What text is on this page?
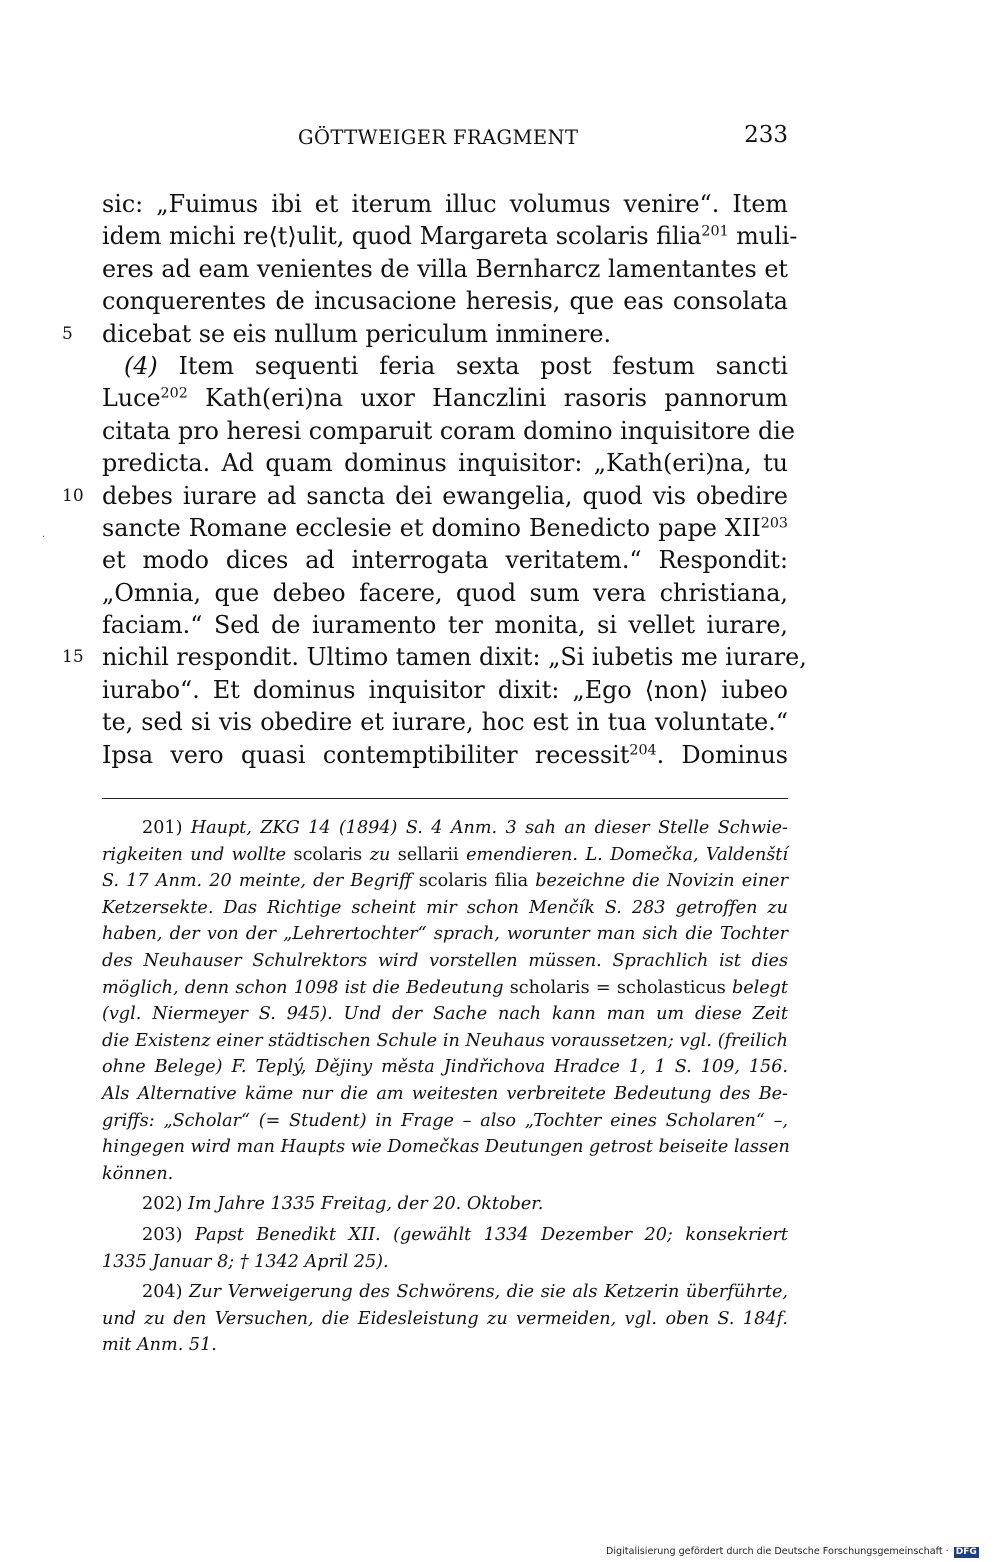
GÖTTWEIGER FRAGMENT	233
sic: „Fuimus ibi et iterum illuc volumus venire“. Item
idem michi re⟨t⟩ulit, quod Margareta scolaris filia$^{201}$ muli-
eres ad eam venientes de villa Bernharcz lamentantes et
conquerentes de incusacione heresis, que eas consolata
5	dicebat se eis nullum periculum inminere.
(4) Item sequenti feria sexta post festum sancti
Luce$^{202}$ Kath(eri)na uxor Hanczlini rasoris pannorum
citata pro heresi comparuit coram domino inquisitore die
predicta. Ad quam dominus inquisitor: „Kath(eri)na, tu
10 debes iurare ad sancta dei ewangelia, quod vis obedire
sancte Romane ecclesie et domino Benedicto pape XII$^{203}$
et modo dices ad interrogata veritatem.“ Respondit:
„Omnia, que debeo facere, quod sum vera christiana,
faciam.“ Sed de iuramento ter monita, si vellet iurare,
15 nichil respondit. Ultimo tamen dixit: „Si iubetis me iurare,
iurabo“. Et dominus inquisitor dixit: „Ego ⟨non⟩ iubeo
te, sed si vis obedire et iurare, hoc est in tua voluntate.“
Ipsa vero quasi contemptibiliter recessit$^{204}$. Dominus
·
201) Haupt, ZKG 14 (1894) S. 4 Anm. 3 sah an dieser Stelle Schwie-
rigkeiten und wollte scolaris zu sellarii emendieren. L. Domečka, Valdenští
S. 17 Anm. 20 meinte, der Begriff scolaris filia bezeichne die Novizin einer
Ketzersekte. Das Richtige scheint mir schon Menčík S. 283 getroffen zu
haben, der von der „Lehrertochter“ sprach, worunter man sich die Tochter
des Neuhauser Schulrektors wird vorstellen müssen. Sprachlich ist dies
möglich, denn schon 1098 ist die Bedeutung scholaris = scholasticus belegt
(vgl. Niermeyer S. 945). Und der Sache nach kann man um diese Zeit
die Existenz einer städtischen Schule in Neuhaus voraussetzen; vgl. (freilich
ohne Belege) F. Teplý, Dějiny města Jindřichova Hradce 1, 1 S. 109, 156.
Als Alternative käme nur die am weitesten verbreitete Bedeutung des Be-
griffs: „Scholar“ (= Student) in Frage – also „Tochter eines Scholaren“ –,
hingegen wird man Haupts wie Domečkas Deutungen getrost beiseite lassen
können.
202) Im Jahre 1335 Freitag, der 20. Oktober.
203) Papst Benedikt XII. (gewählt 1334 Dezember 20; konsekriert
1335 Januar 8; † 1342 April 25).
204) Zur Verweigerung des Schwörens, die sie als Ketzerin überführte,
und zu den Versuchen, die Eidesleistung zu vermeiden, vgl. oben S. 184f.
mit Anm. 51.
Digitalisierung gefördert durch die Deutsche Forschungsgemeinschaft · DFG
